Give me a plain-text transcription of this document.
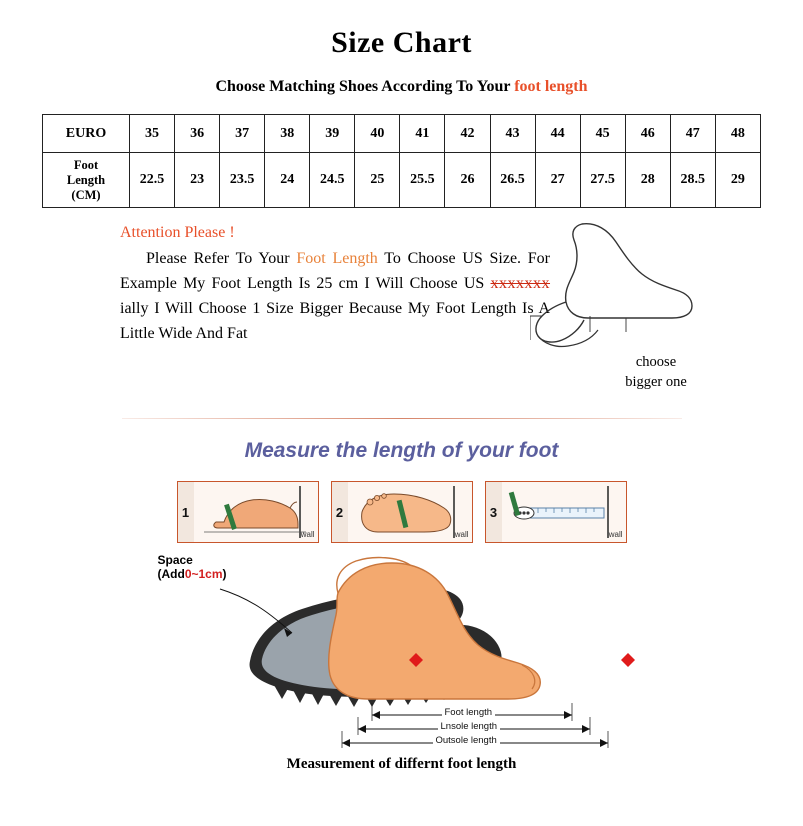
Size Chart
Choose Matching Shoes According To Your foot length
EURO	35	36	37	38	39	40	41	42	43	44	45	46	47	48
Foot
Length
(CM)	22.5	23	23.5	24	24.5	25	25.5	26	26.5	27	27.5	28	28.5	29
Attention Please !
Please Refer To Your Foot Length To Choose US Size. For Example My Foot Length Is 25 cm I Will Choose US xxxxxxx ially I Will Choose 1 Size Bigger Because My Foot Length Is A Little Wide And Fat
choose
bigger one
Measure the length of your foot
1
wall
2
wall
3
wall
Space
(Add0~1cm)
Foot length
Lnsole length
Outsole length
Measurement of differnt foot length
